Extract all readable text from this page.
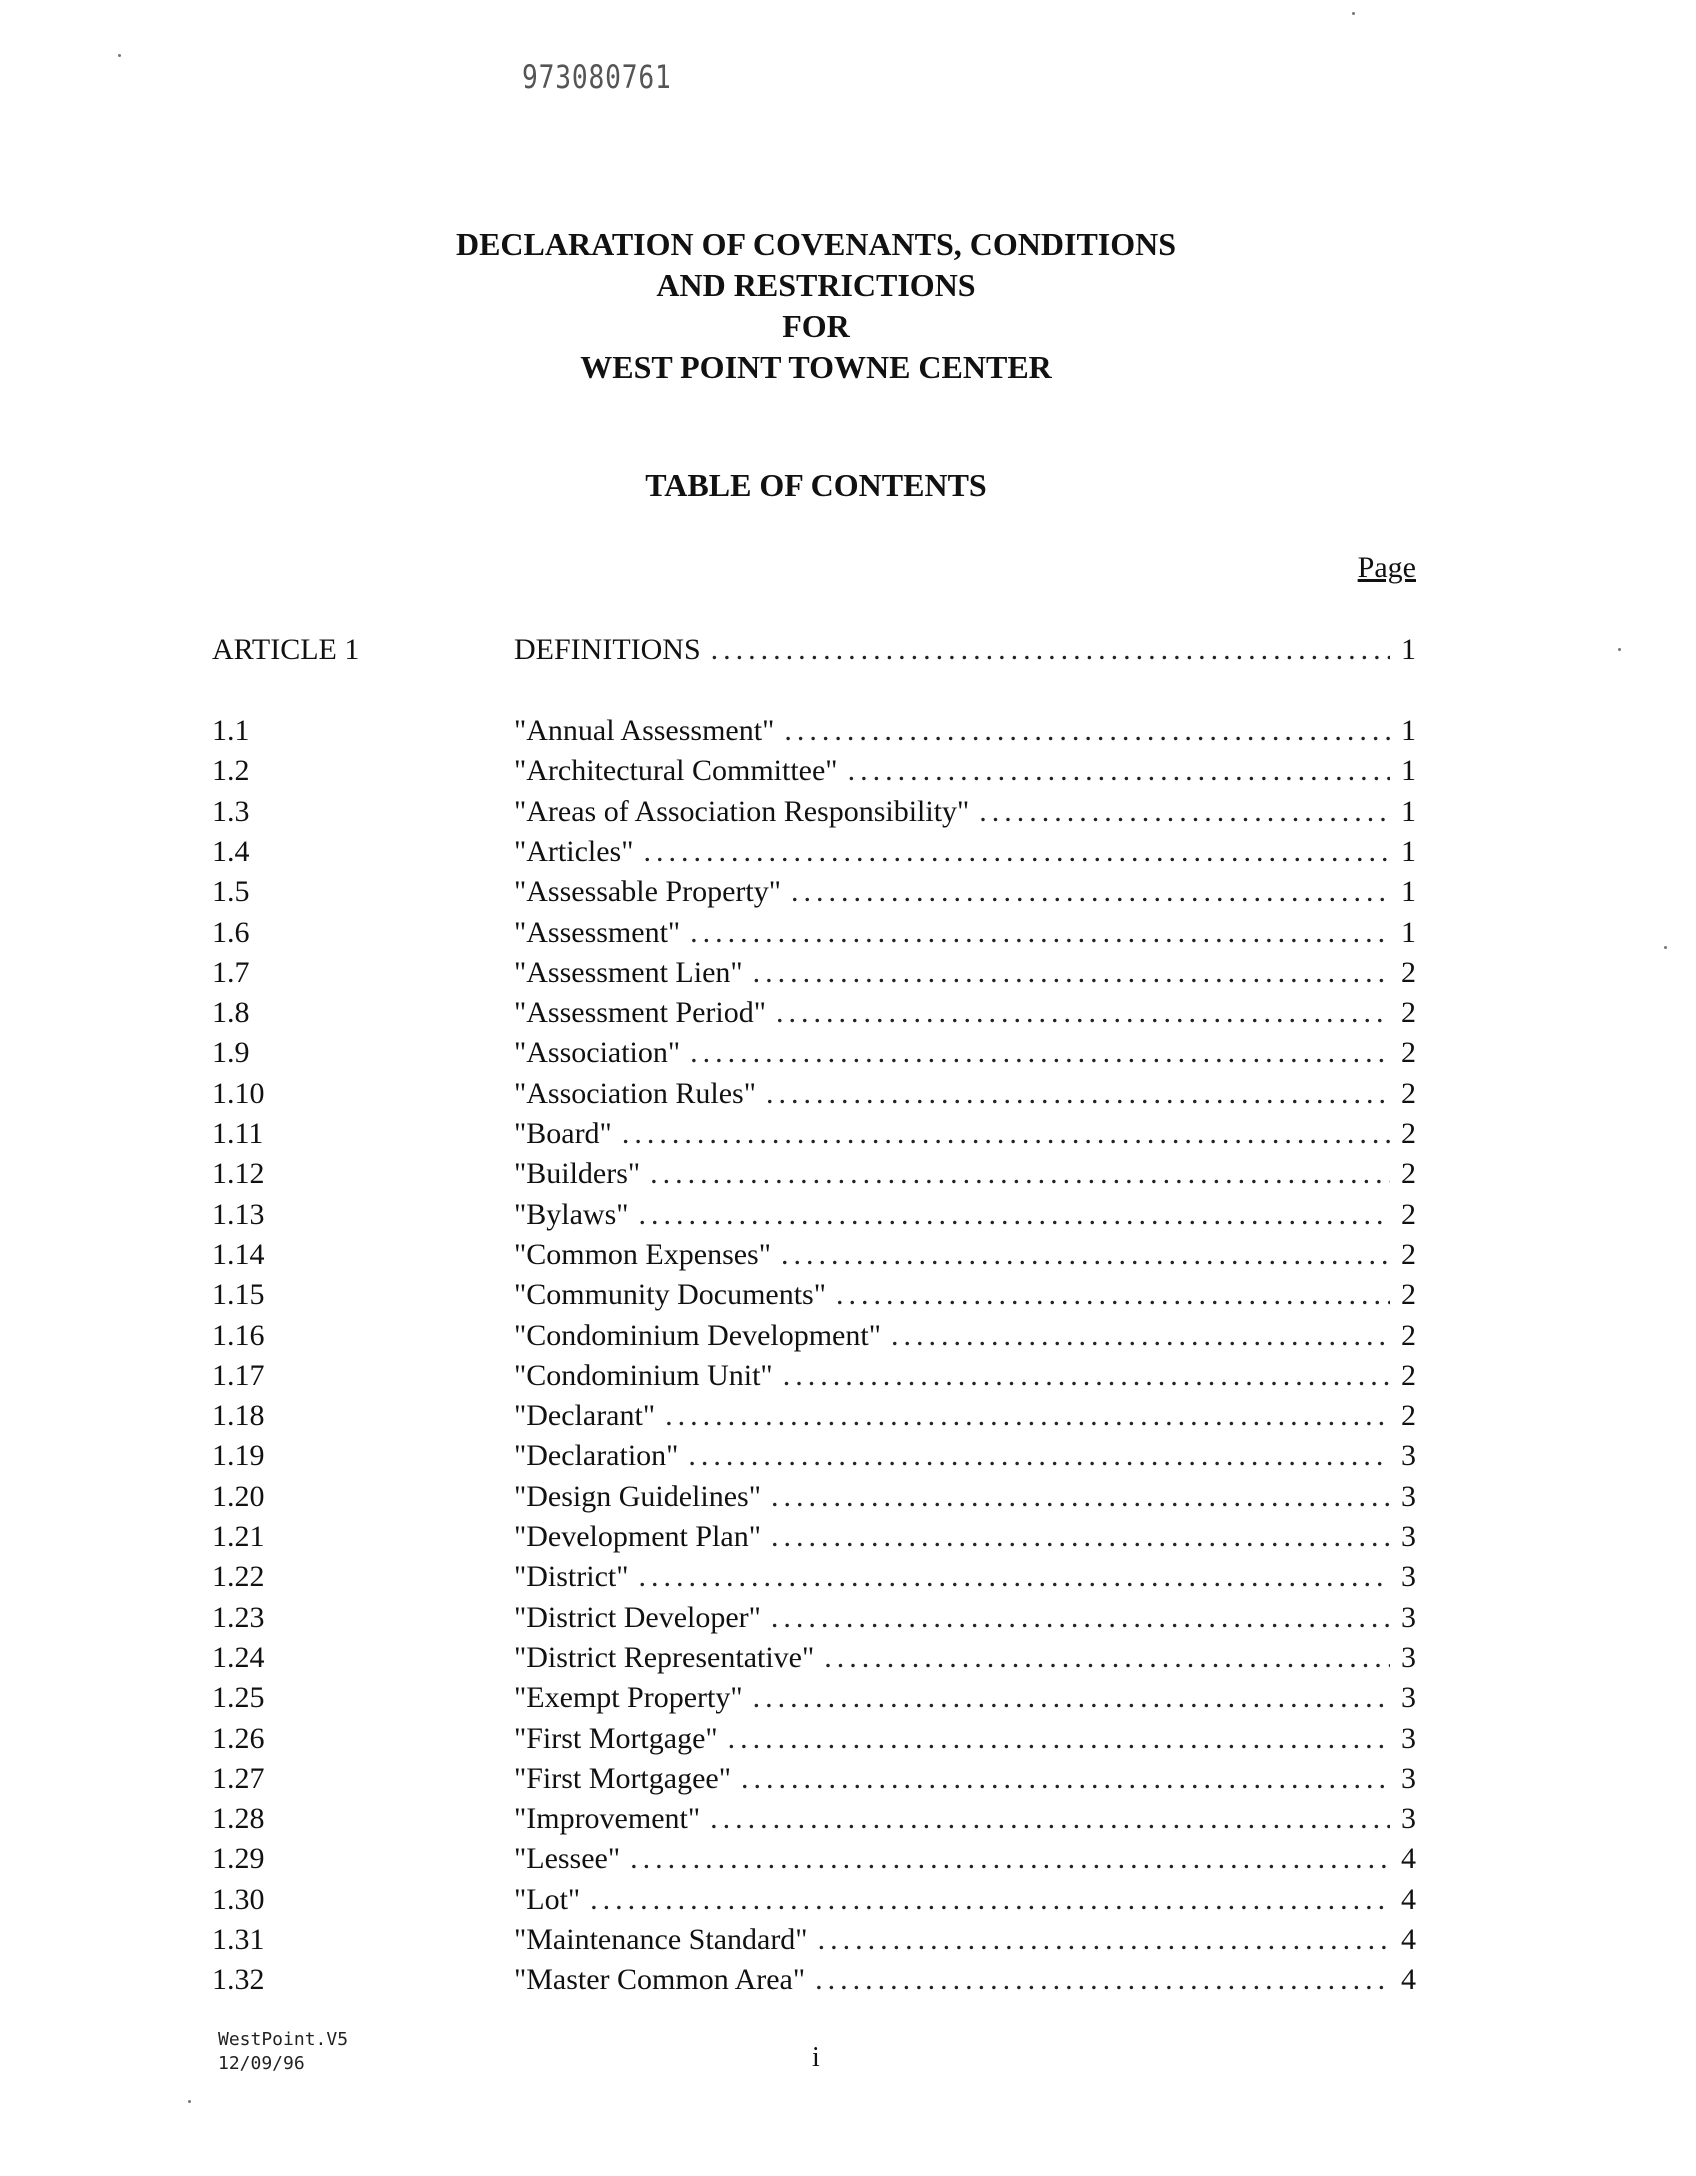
973080761
DECLARATION OF COVENANTS, CONDITIONS
AND RESTRICTIONS
FOR
WEST POINT TOWNE CENTER
TABLE OF CONTENTS
Page
ARTICLE 1	DEFINITIONS .....	1
1.1	"Annual Assessment" .....	1
1.2	"Architectural Committee" .....	1
1.3	"Areas of Association Responsibility" .....	1
1.4	"Articles" .....	1
1.5	"Assessable Property" .....	1
1.6	"Assessment" .....	1
1.7	"Assessment Lien" .....	2
1.8	"Assessment Period" .....	2
1.9	"Association" .....	2
1.10	"Association Rules" .....	2
1.11	"Board" .....	2
1.12	"Builders" .....	2
1.13	"Bylaws" .....	2
1.14	"Common Expenses" .....	2
1.15	"Community Documents" .....	2
1.16	"Condominium Development" .....	2
1.17	"Condominium Unit" .....	2
1.18	"Declarant" .....	2
1.19	"Declaration" .....	3
1.20	"Design Guidelines" .....	3
1.21	"Development Plan" .....	3
1.22	"District" .....	3
1.23	"District Developer" .....	3
1.24	"District Representative" .....	3
1.25	"Exempt Property" .....	3
1.26	"First Mortgage" .....	3
1.27	"First Mortgagee" .....	3
1.28	"Improvement" .....	3
1.29	"Lessee" .....	4
1.30	"Lot" .....	4
1.31	"Maintenance Standard" .....	4
1.32	"Master Common Area" .....	4
WestPoint.V5
12/09/96	i
